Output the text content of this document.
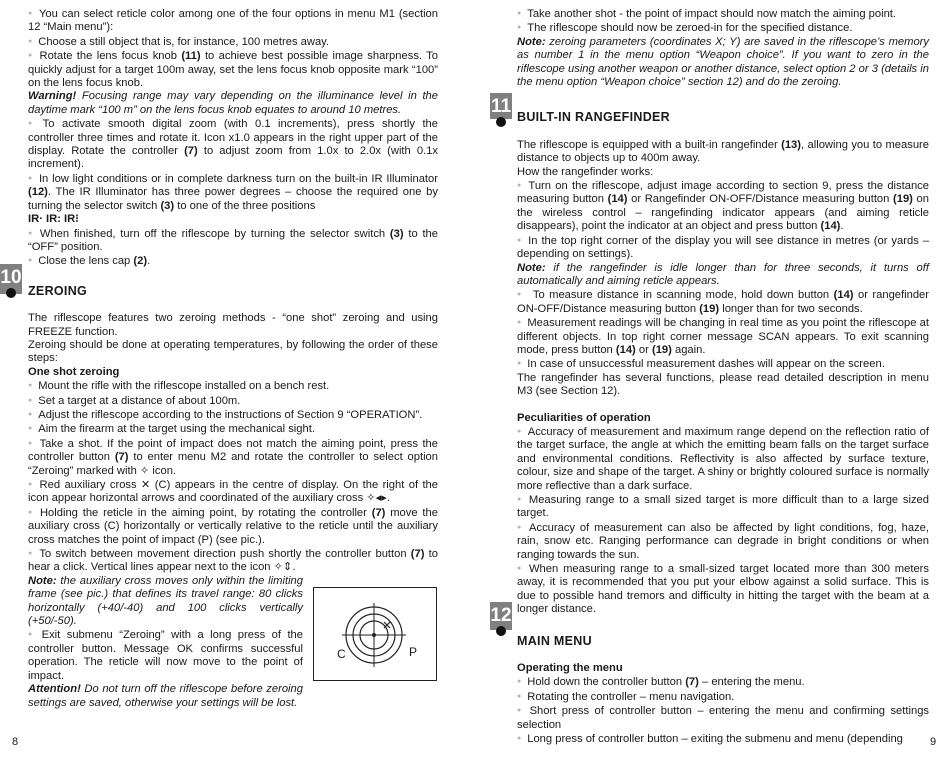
● You can select reticle color among one of the four options in menu M1 (section 12 “Main menu”):

● Choose a still object that is, for instance, 100 metres away.

● Rotate the lens focus knob (11) to achieve best possible image sharpness. To quickly adjust for a target 100m away, set the lens focus knob opposite mark “100” on the lens focus knob.

Warning! Focusing range may vary depending on the illuminance level in the daytime mark “100 m” on the lens focus knob equates to around 10 metres.

● To activate smooth digital zoom (with 0.1 increments), press shortly the controller three times and rotate it. Icon x1.0 appears in the right upper part of the display. Rotate the controller (7) to adjust zoom from 1.0x to 2.0x (with 0.1x increment).

● In low light conditions or in complete darkness turn on the built-in IR Illuminator (12). The IR Illuminator has three power degrees – choose the required one by turning the selector switch (3) to one of the three positions

IR· IR: IR⁝

● When finished, turn off the riflescope by turning the selector switch (3) to the “OFF” position.

● Close the lens cap (2).

ZEROING

The riflescope features two zeroing methods - “one shot” zeroing and using FREEZE function.

Zeroing should be done at operating temperatures, by following the order of these steps:

One shot zeroing

● Mount the rifle with the riflescope installed on a bench rest.

● Set a target at a distance of about 100m.

● Adjust the riflescope according to the instructions of Section 9 “OPERATION”.

● Aim the firearm at the target using the mechanical sight.

● Take a shot. If the point of impact does not match the aiming point, press the controller button (7) to enter menu M2 and rotate the controller to select option “Zeroing” marked with ✧ icon.

● Red auxiliary cross ✕ (C) appears in the centre of display. On the right of the icon appear horizontal arrows and coordinated of the auxiliary cross ✧◂▸.

● Holding the reticle in the aiming point, by rotating the controller (7) move the auxiliary cross (C) horizontally or vertically relative to the reticle until the auxiliary cross matches the point of impact (P) (see pic.).

● To switch between movement direction push shortly the controller button (7) to hear a click. Vertical lines appear next to the icon ✧⇕.

Note: the auxiliary cross moves only within the limiting frame (see pic.) that defines its travel range: 80 clicks horizontally (+40/-40) and 100 clicks vertically (+50/-50).

● Exit submenu “Zeroing” with a long press of the controller button. Message OK confirms successful operation. The reticle will now move to the point of impact.

Attention! Do not turn off the riflescope before zeroing settings are saved, otherwise your settings will be lost.

10
C	P
8

● Take another shot - the point of impact should now match the aiming point.

● The riflescope should now be zeroed-in for the specified distance.

Note: zeroing parameters (coordinates X; Y) are saved in the riflescope’s memory as number 1 in the menu option “Weapon choice”. If you want to zero in the riflescope using another weapon or another distance, select option 2 or 3 (details in the menu option “Weapon choice” section 12) and do the zeroing.

BUILT-IN RANGEFINDER

The riflescope is equipped with a built-in rangefinder (13), allowing you to measure distance to objects up to 400m away.

How the rangefinder works:

● Turn on the riflescope, adjust image according to section 9, press the distance measuring button (14) or Rangefinder ON-OFF/Distance measuring button (19) on the wireless control – rangefinding indicator appears (and aiming reticle disappears), point the indicator at an object and press button (14).

● In the top right corner of the display you will see distance in metres (or yards – depending on settings).

Note: if the rangefinder is idle longer than for three seconds, it turns off automatically and aiming reticle appears.

● To measure distance in scanning mode, hold down button (14) or rangefinder ON-OFF/Distance measuring button (19) longer than for two seconds.

● Measurement readings will be changing in real time as you point the riflescope at different objects. In top right corner message SCAN appears. To exit scanning mode, press button (14) or (19) again.

● In case of unsuccessful measurement dashes will appear on the screen.

The rangefinder has several functions, please read detailed description in menu M3 (see Section 12).

Peculiarities of operation

● Accuracy of measurement and maximum range depend on the reflection ratio of the target surface, the angle at which the emitting beam falls on the target surface and environmental conditions. Reflectivity is also affected by surface texture, colour, size and shape of the target. A shiny or brightly coloured surface is normally more reflective than a dark surface.

● Measuring range to a small sized target is more difficult than to a large sized target.

● Accuracy of measurement can also be affected by light conditions, fog, haze, rain, snow etc. Ranging performance can degrade in bright conditions or when ranging towards the sun.

● When measuring range to a small-sized target located more than 300 meters away, it is recommended that you put your elbow against a solid surface. This is due to possible hand tremors and difficulty in hitting the target with the beam at a longer distance.

MAIN MENU

Operating the menu

● Hold down the controller button (7) – entering the menu.

● Rotating the controller – menu navigation.

● Short press of controller button – entering the menu and confirming settings selection

● Long press of controller button – exiting the submenu and menu (depending

11
12
9
